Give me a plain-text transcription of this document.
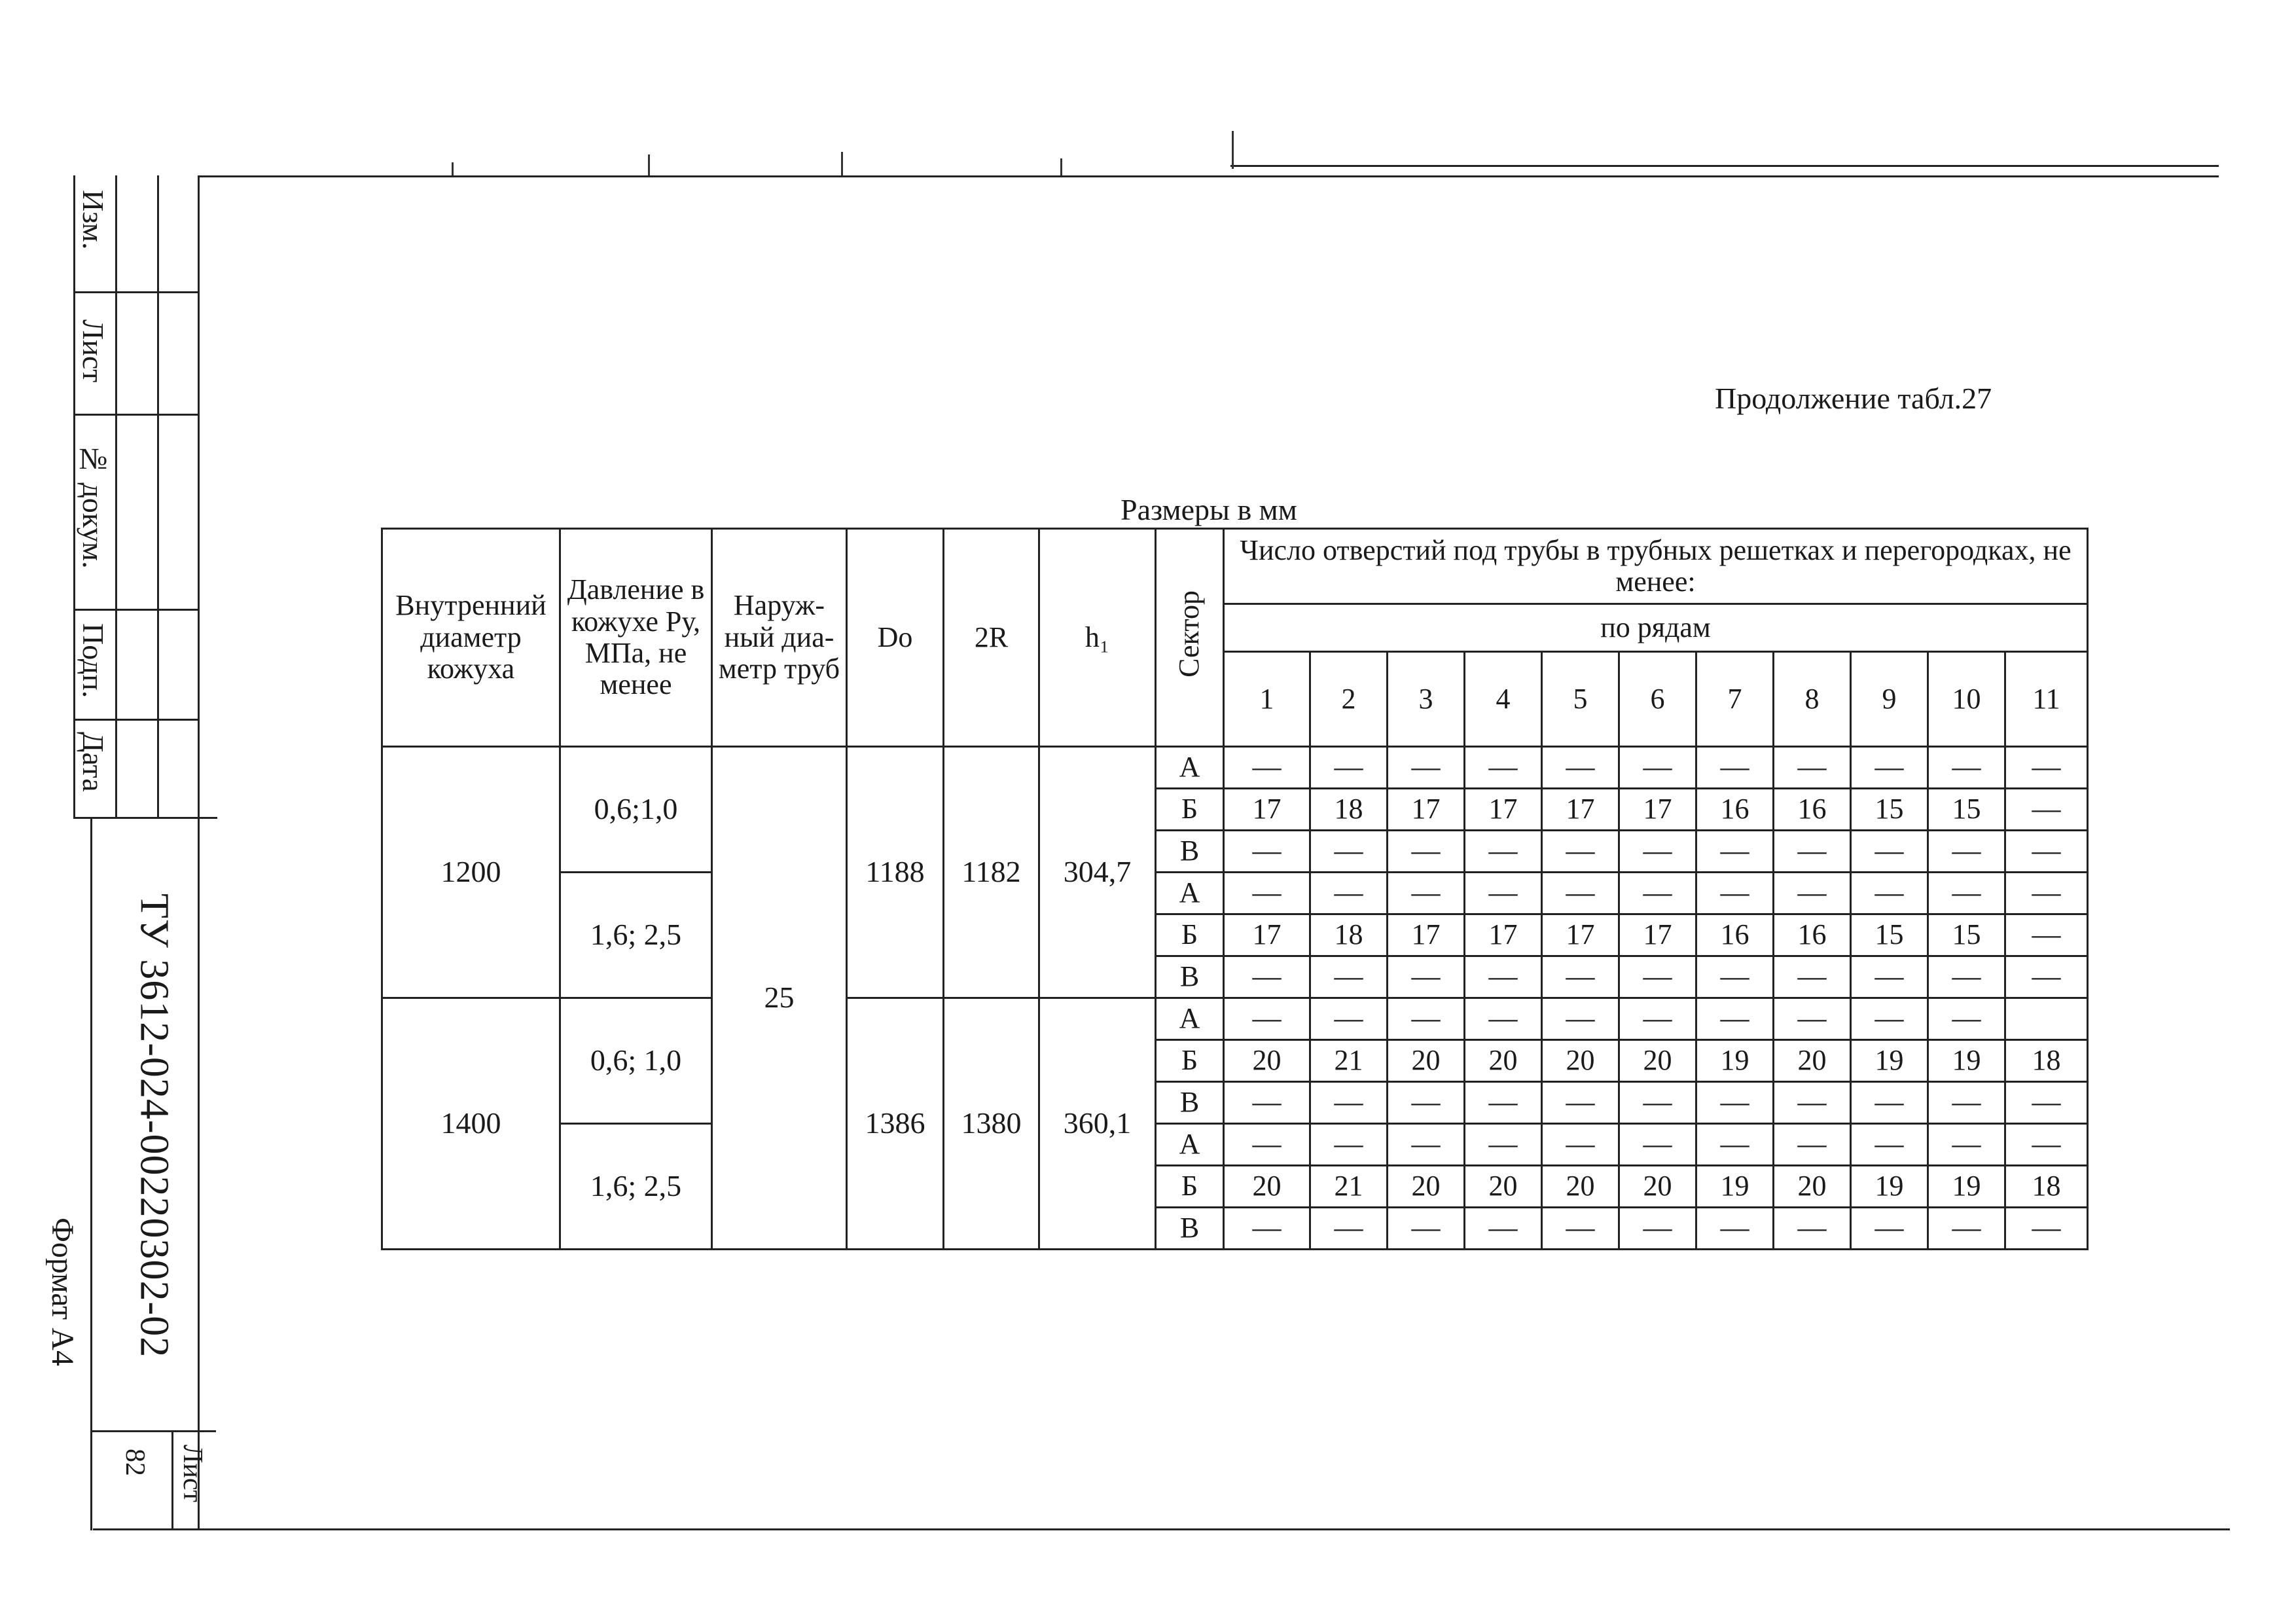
Изм.
Лист
№ докум.
Подп.
Дата
ТУ 3612-024-00220302-02
Формат А4
82 Лист
Продолжение табл.27
Размеры в мм
Внутренний диаметр кожуха	Давление в кожухе Ру, МПа, не менее	Наруж-ный диа-метр труб	Do	2R	h₁	Сектор	Число отверстий под трубы в трубных решетках и перегородках, не менее:										
							по рядам										
							1	2	3	4	5	6	7	8	9	10	11
1200	0,6;1,0	25	1188	1182	304,7	А	—	—	—	—	—	—	—	—	—	—	—
						Б	17	18	17	17	17	17	16	16	15	15	—
						В	—	—	—	—	—	—	—	—	—	—	—
	1,6; 2,5					А	—	—	—	—	—	—	—	—	—	—	—
						Б	17	18	17	17	17	17	16	16	15	15	—
						В	—	—	—	—	—	—	—	—	—	—	—
1400	0,6; 1,0		1386	1380	360,1	А	—	—	—	—	—	—	—	—	—	—	
						Б	20	21	20	20	20	20	19	20	19	19	18
						В	—	—	—	—	—	—	—	—	—	—	—
	1,6; 2,5					А	—	—	—	—	—	—	—	—	—	—	—
						Б	20	21	20	20	20	20	19	20	19	19	18
						В	—	—	—	—	—	—	—	—	—	—	—
